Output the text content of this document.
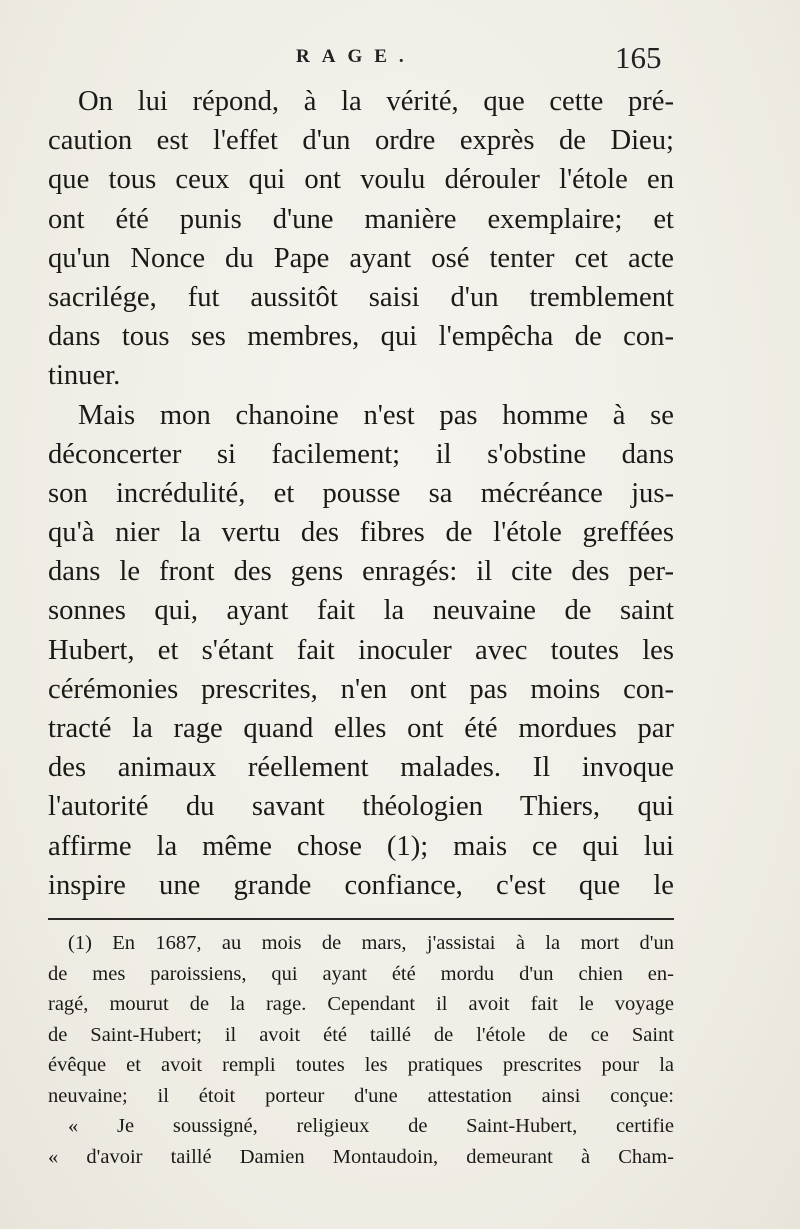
RAGE.	165
On lui répond, à la vérité, que cette pré-
caution est l'effet d'un ordre exprès de Dieu;
que tous ceux qui ont voulu dérouler l'étole en
ont été punis d'une manière exemplaire; et
qu'un Nonce du Pape ayant osé tenter cet acte
sacrilége, fut aussitôt saisi d'un tremblement
dans tous ses membres, qui l'empêcha de con-
tinuer.
Mais mon chanoine n'est pas homme à se
déconcerter si facilement; il s'obstine dans
son incrédulité, et pousse sa mécréance jus-
qu'à nier la vertu des fibres de l'étole greffées
dans le front des gens enragés: il cite des per-
sonnes qui, ayant fait la neuvaine de saint
Hubert, et s'étant fait inoculer avec toutes les
cérémonies prescrites, n'en ont pas moins con-
tracté la rage quand elles ont été mordues par
des animaux réellement malades. Il invoque
l'autorité du savant théologien Thiers, qui
affirme la même chose (1); mais ce qui lui
inspire une grande confiance, c'est que le
(1) En 1687, au mois de mars, j'assistai à la mort d'un
de mes paroissiens, qui ayant été mordu d'un chien en-
ragé, mourut de la rage. Cependant il avoit fait le voyage
de Saint-Hubert; il avoit été taillé de l'étole de ce Saint
évêque et avoit rempli toutes les pratiques prescrites pour la
neuvaine; il étoit porteur d'une attestation ainsi conçue:
« Je soussigné, religieux de Saint-Hubert, certifie
« d'avoir taillé Damien Montaudoin, demeurant à Cham-
